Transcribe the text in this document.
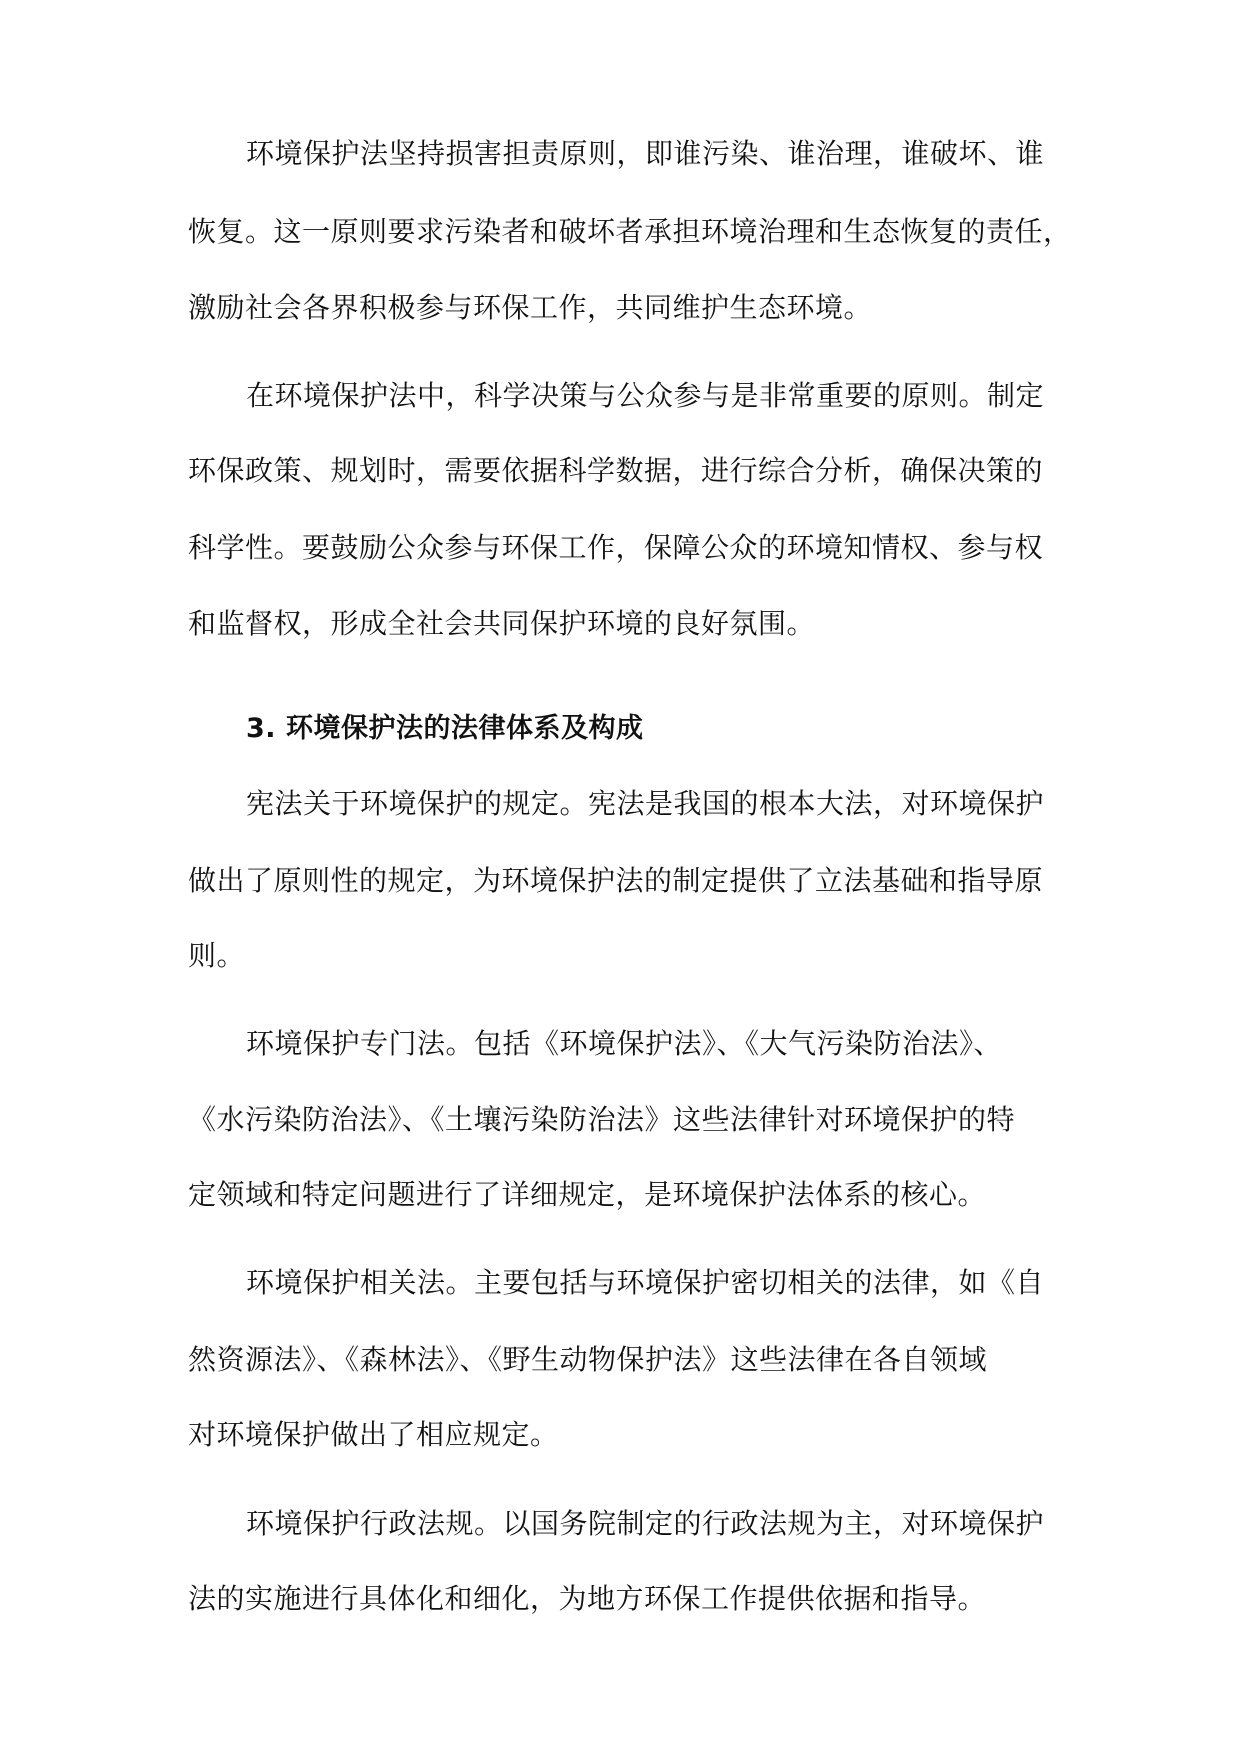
环境保护法坚持损害担责原则，即谁污染、谁治理，谁破坏、谁
恢复。这一原则要求污染者和破坏者承担环境治理和生态恢复的责任，
激励社会各界积极参与环保工作，共同维护生态环境。
在环境保护法中，科学决策与公众参与是非常重要的原则。制定
环保政策、规划时，需要依据科学数据，进行综合分析，确保决策的
科学性。要鼓励公众参与环保工作，保障公众的环境知情权、参与权
和监督权，形成全社会共同保护环境的良好氛围。
3. 环境保护法的法律体系及构成
宪法关于环境保护的规定。宪法是我国的根本大法，对环境保护
做出了原则性的规定，为环境保护法的制定提供了立法基础和指导原
则。
环境保护专门法。包括《环境保护法》、《大气污染防治法》、
《水污染防治法》、《土壤污染防治法》这些法律针对环境保护的特
定领域和特定问题进行了详细规定，是环境保护法体系的核心。
环境保护相关法。主要包括与环境保护密切相关的法律，如《自
然资源法》、《森林法》、《野生动物保护法》这些法律在各自领域
对环境保护做出了相应规定。
环境保护行政法规。以国务院制定的行政法规为主，对环境保护
法的实施进行具体化和细化，为地方环保工作提供依据和指导。
